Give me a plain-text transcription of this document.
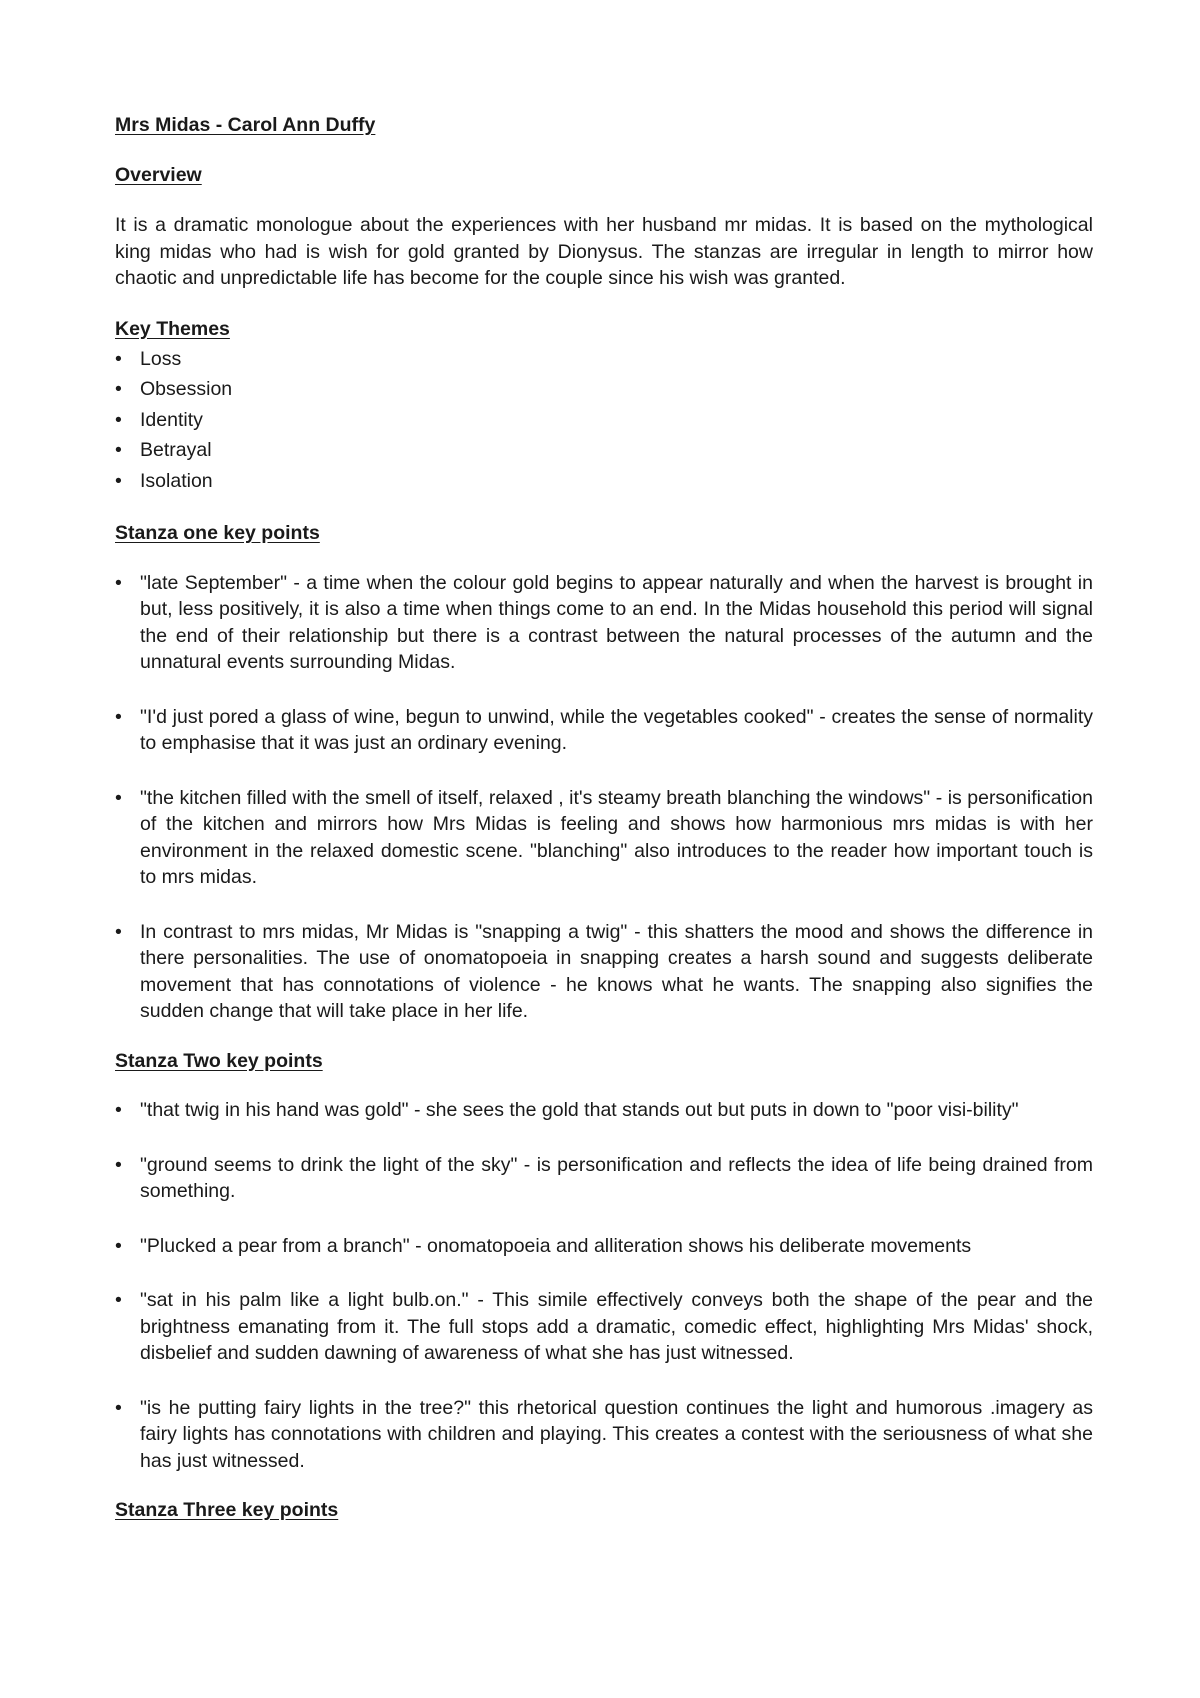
Mrs Midas - Carol Ann Duffy

Overview

It is a dramatic monologue about the experiences with her husband mr midas. It is based on the mythological king midas who had is wish for gold granted by Dionysus. The stanzas are irregular in length to mirror how chaotic and unpredictable life has become for the couple since his wish was granted.

Key Themes

• Loss
• Obsession
• Identity
• Betrayal
• Isolation

Stanza one key points

• "late September" - a time when the colour gold begins to appear naturally and when the harvest is brought in but, less positively, it is also a time when things come to an end. In the Midas household this period will signal the end of their relationship but there is a contrast between the natural processes of the autumn and the unnatural events surrounding Midas.
• "I'd just pored a glass of wine, begun to unwind, while the vegetables cooked" - creates the sense of normality to emphasise that it was just an ordinary evening.
• "the kitchen filled with the smell of itself, relaxed , it's steamy breath blanching the windows" - is personification of the kitchen and mirrors how Mrs Midas is feeling and shows how harmonious mrs midas is with her environment in the relaxed domestic scene. "blanching" also introduces to the reader how important touch is to mrs midas.
• In contrast to mrs midas, Mr Midas is "snapping a twig" - this shatters the mood and shows the difference in there personalities. The use of onomatopoeia in snapping creates a harsh sound and suggests deliberate movement that has connotations of violence - he knows what he wants. The snapping also signifies the sudden change that will take place in her life.

Stanza Two key points

• "that twig in his hand was gold" - she sees the gold that stands out but puts in down to "poor visi-bility"
• "ground seems to drink the light of the sky" - is personification and reflects the idea of life being drained from something.
• "Plucked a pear from a branch" - onomatopoeia and alliteration shows his deliberate movements
• "sat in his palm like a light bulb.on." - This simile effectively conveys both the shape of the pear and the brightness emanating from it. The full stops add a dramatic, comedic effect, highlighting Mrs Midas' shock, disbelief and sudden dawning of awareness of what she has just witnessed.
• "is he putting fairy lights in the tree?" this rhetorical question continues the light and humorous .imagery as fairy lights has connotations with children and playing. This creates a contest with the seriousness of what she has just witnessed.

Stanza Three key points
